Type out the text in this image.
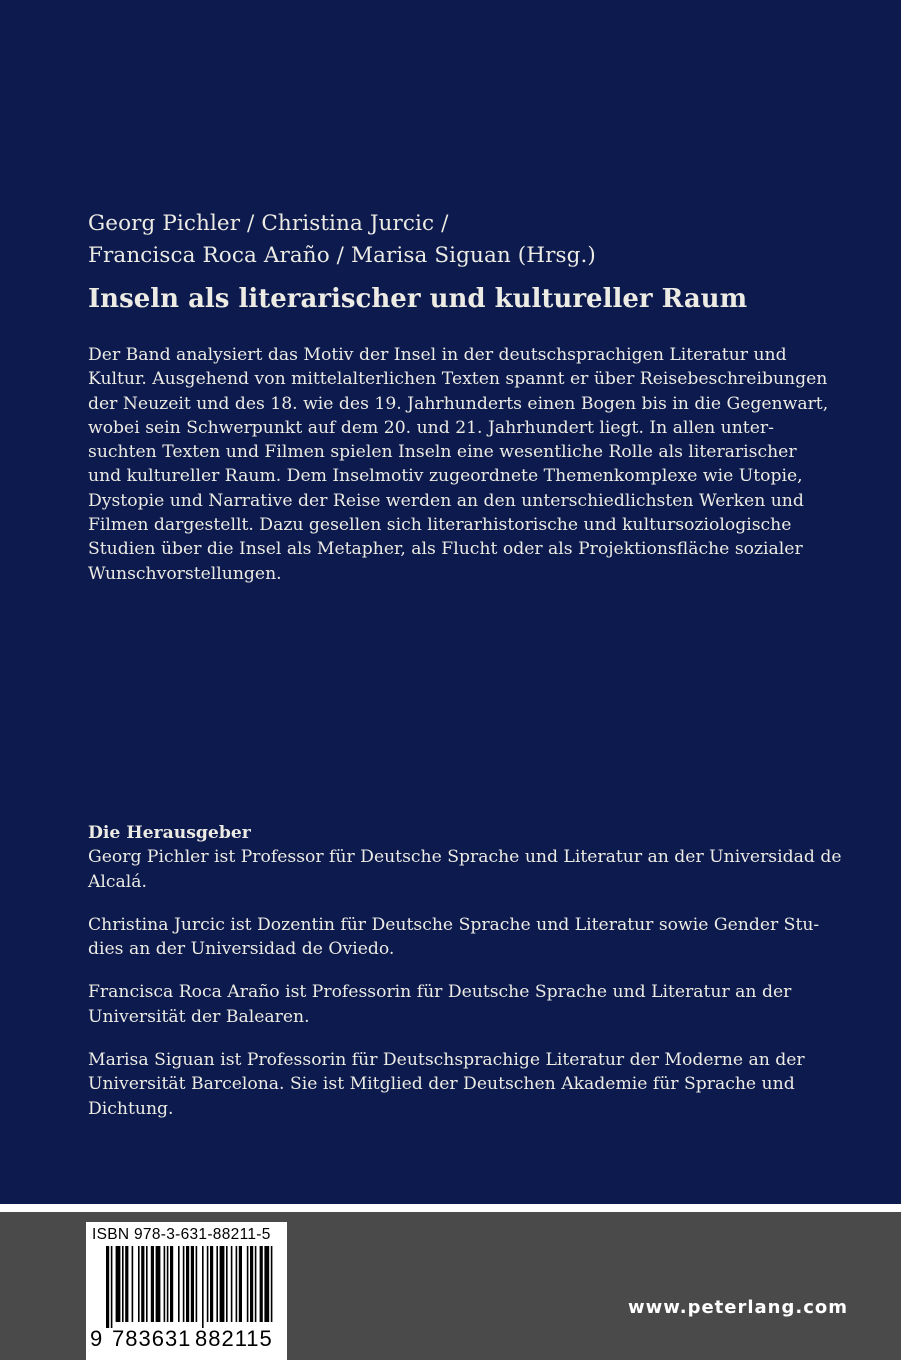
Georg Pichler / Christina Jurcic /
Francisca Roca Araño / Marisa Siguan (Hrsg.)
Inseln als literarischer und kultureller Raum
Der Band analysiert das Motiv der Insel in der deutschsprachigen Literatur und
Kultur. Ausgehend von mittelalterlichen Texten spannt er über Reisebeschreibungen
der Neuzeit und des 18. wie des 19. Jahrhunderts einen Bogen bis in die Gegenwart,
wobei sein Schwerpunkt auf dem 20. und 21. Jahrhundert liegt. In allen unter-
suchten Texten und Filmen spielen Inseln eine wesentliche Rolle als literarischer
und kultureller Raum. Dem Inselmotiv zugeordnete Themenkomplexe wie Utopie,
Dystopie und Narrative der Reise werden an den unterschiedlichsten Werken und
Filmen dargestellt. Dazu gesellen sich literarhistorische und kultursoziologische
Studien über die Insel als Metapher, als Flucht oder als Projektionsfläche sozialer
Wunschvorstellungen.
Die Herausgeber
Georg Pichler ist Professor für Deutsche Sprache und Literatur an der Universidad de
Alcalá.
Christina Jurcic ist Dozentin für Deutsche Sprache und Literatur sowie Gender Stu-
dies an der Universidad de Oviedo.
Francisca Roca Araño ist Professorin für Deutsche Sprache und Literatur an der
Universität der Balearen.
Marisa Siguan ist Professorin für Deutschsprachige Literatur der Moderne an der
Universität Barcelona. Sie ist Mitglied der Deutschen Akademie für Sprache und
Dichtung.
ISBN 978-3-631-88211-5
9 783631 882115
www.peterlang.com
